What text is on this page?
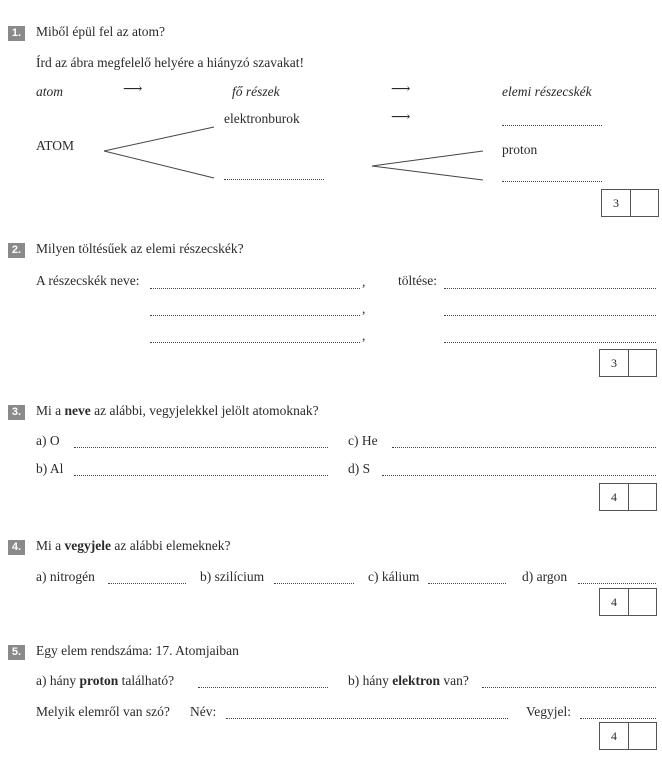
1. Miből épül fel az atom?
Írd az ábra megfelelő helyére a hiányzó szavakat!
atom	⟶	fő részek	⟶	elemi részecskék
elektronburok	⟶
ATOM	proton
3
2. Milyen töltésűek az elemi részecskék?
A részecskék neve:	, töltése:
,
,
3
3. Mi a neve az alábbi, vegyjelekkel jelölt atomoknak?
a) O	c) He
b) Al	d) S
4
4. Mi a vegyjele az alábbi elemeknek?
a) nitrogén	b) szilícium	c) kálium	d) argon
4
5. Egy elem rendszáma: 17. Atomjaiban
a) hány proton található?	b) hány elektron van?
Melyik elemről van szó? Név:	Vegyjel:
4
